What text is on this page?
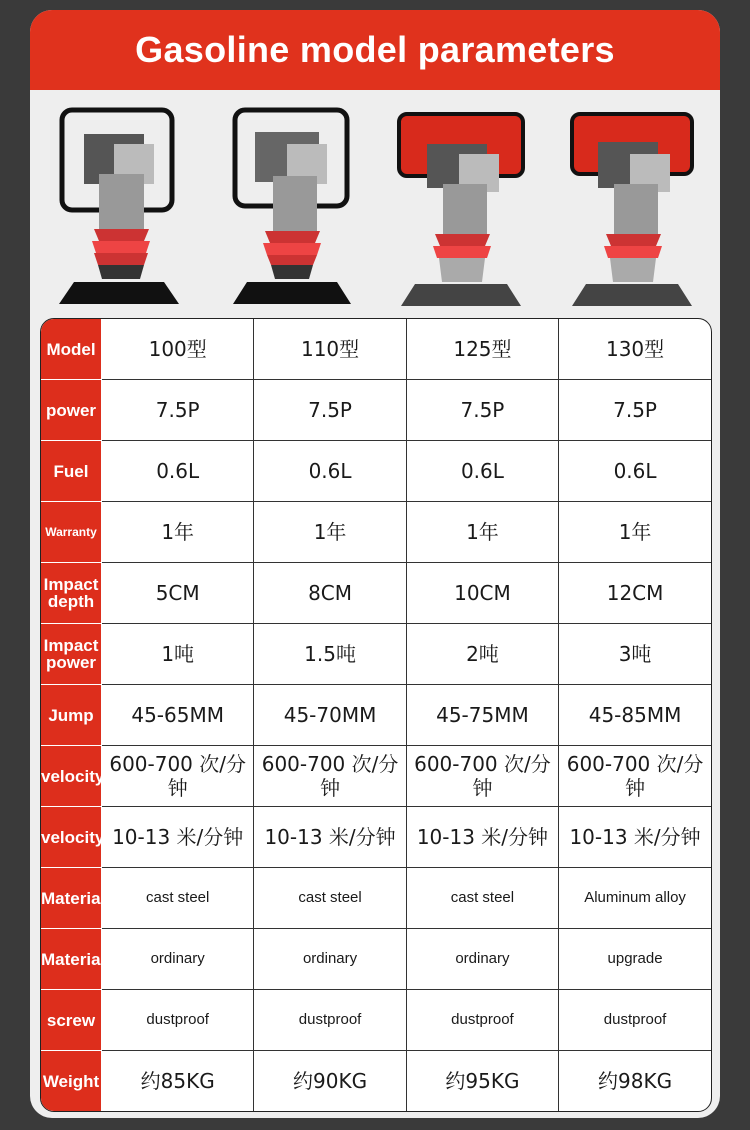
Gasoline model parameters
Model	100型	110型	125型	130型
power	7.5P	7.5P	7.5P	7.5P
Fuel	0.6L	0.6L	0.6L	0.6L
Warranty	1年	1年	1年	1年
Impact depth	5CM	8CM	10CM	12CM
Impact power	1吨	1.5吨	2吨	3吨
Jump	45-65MM	45-70MM	45-75MM	45-85MM
velocity	600-700 次/分钟	600-700 次/分钟	600-700 次/分钟	600-700 次/分钟
velocity	10-13 米/分钟	10-13 米/分钟	10-13 米/分钟	10-13 米/分钟
Material	cast steel	cast steel	cast steel	Aluminum alloy
Material	ordinary	ordinary	ordinary	upgrade
screw	dustproof	dustproof	dustproof	dustproof
Weight	约85KG	约90KG	约95KG	约98KG
